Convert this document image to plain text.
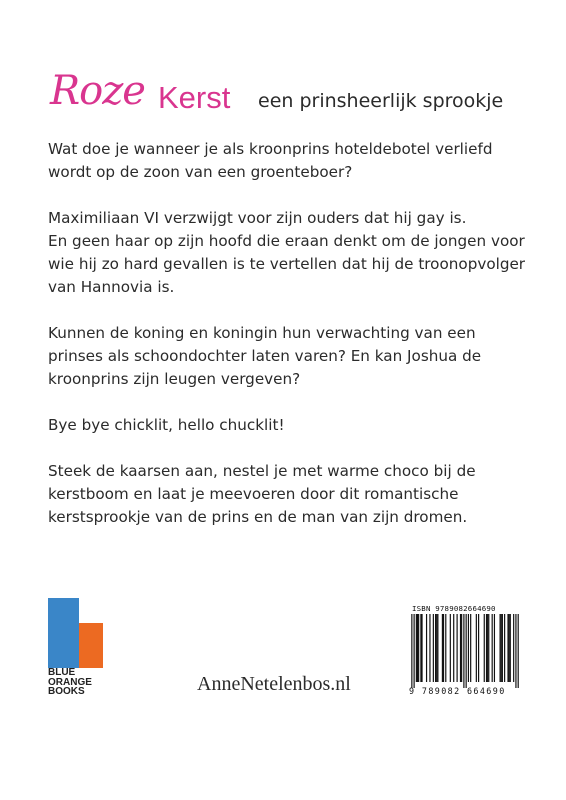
Roze Kerst een prinsheerlijk sprookje

Wat doe je wanneer je als kroonprins hoteldebotel verliefd
wordt op de zoon van een groenteboer?

Maximiliaan VI verzwijgt voor zijn ouders dat hij gay is.
En geen haar op zijn hoofd die eraan denkt om de jongen voor
wie hij zo hard gevallen is te vertellen dat hij de troonopvolger
van Hannovia is.

Kunnen de koning en koningin hun verwachting van een
prinses als schoondochter laten varen? En kan Joshua de
kroonprins zijn leugen vergeven?

Bye bye chicklit, hello chucklit!

Steek de kaarsen aan, nestel je met warme choco bij de
kerstboom en laat je meevoeren door dit romantische
kerstsprookje van de prins en de man van zijn dromen.

BLUE
ORANGE
BOOKS	AnneNetelenbos.nl
ISBN 9789082664690
9 789082 664690
